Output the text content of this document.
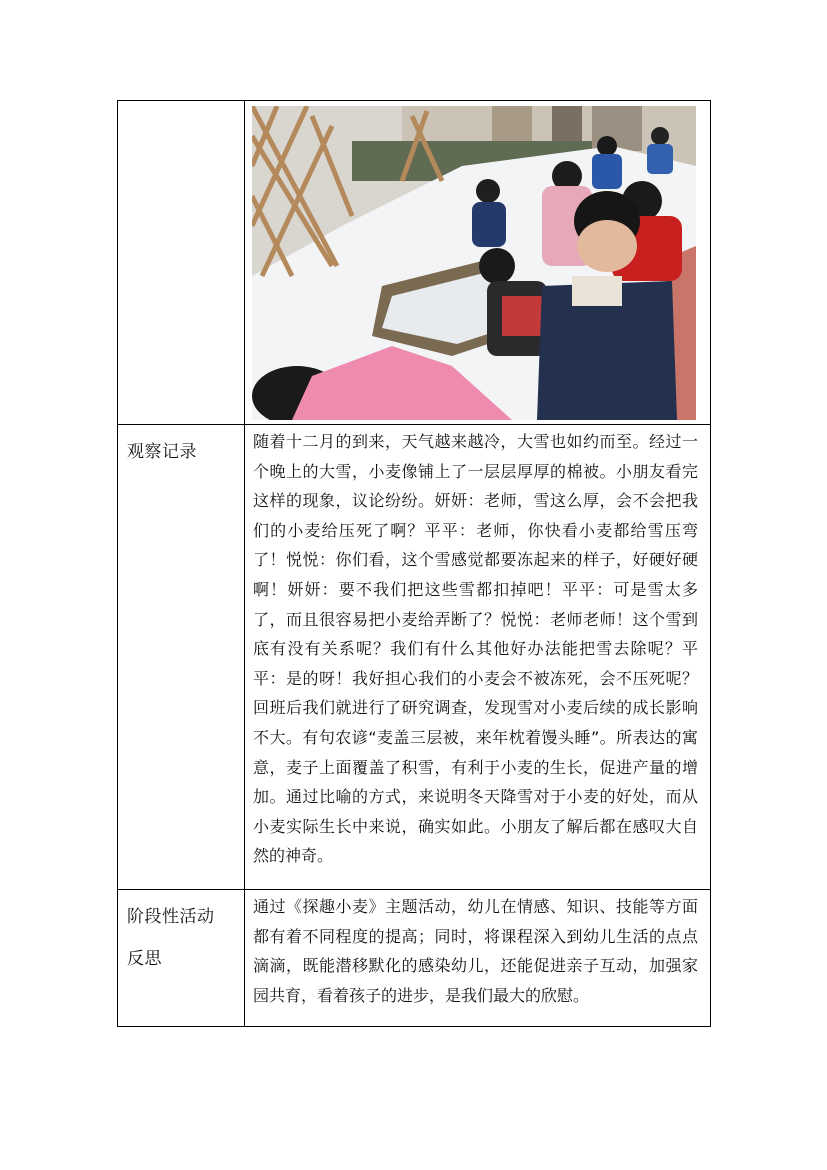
观察记录	随着十二月的到来，天气越来越冷，大雪也如约而至。经过一个晚上的大雪，小麦像铺上了一层层厚厚的棉被。小朋友看完这样的现象，议论纷纷。妍妍：老师，雪这么厚，会不会把我们的小麦给压死了啊？平平：老师，你快看小麦都给雪压弯了！悦悦：你们看，这个雪感觉都要冻起来的样子，好硬好硬啊！妍妍：要不我们把这些雪都扣掉吧！平平：可是雪太多了，而且很容易把小麦给弄断了？悦悦：老师老师！这个雪到底有没有关系呢？我们有什么其他好办法能把雪去除呢？平平：是的呀！我好担心我们的小麦会不被冻死，会不压死呢？回班后我们就进行了研究调查，发现雪对小麦后续的成长影响不大。有句农谚“麦盖三层被，来年枕着馒头睡”。所表达的寓意，麦子上面覆盖了积雪，有利于小麦的生长，促进产量的增加。通过比喻的方式，来说明冬天降雪对于小麦的好处，而从小麦实际生长中来说，确实如此。小朋友了解后都在感叹大自然的神奇。

阶段性活动
反思	通过《探趣小麦》主题活动，幼儿在情感、知识、技能等方面都有着不同程度的提高；同时，将课程深入到幼儿生活的点点滴滴，既能潜移默化的感染幼儿，还能促进亲子互动，加强家园共育，看着孩子的进步，是我们最大的欣慰。
